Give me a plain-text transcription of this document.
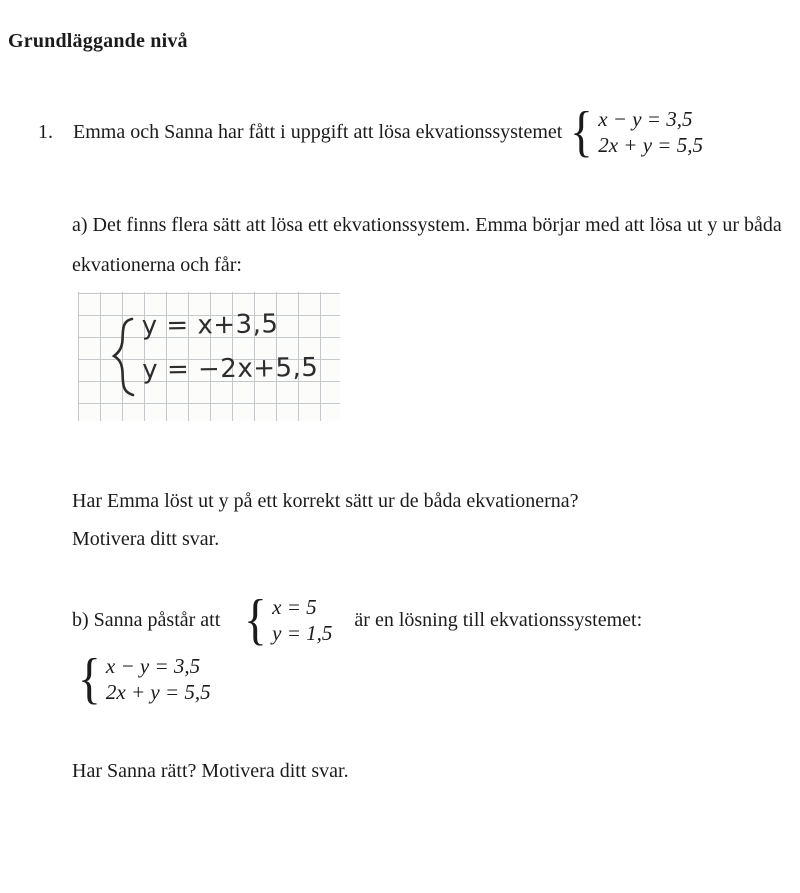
Grundläggande nivå
1. Emma och Sanna har fått i uppgift att lösa ekvationssystemet { x − y = 3,5
2x + y = 5,5
a) Det finns flera sätt att lösa ett ekvationssystem. Emma börjar med att lösa ut y ur båda
ekvationerna och får:
y = x+3,5
y = −2x+5,5
Har Emma löst ut y på ett korrekt sätt ur de båda ekvationerna?
Motivera ditt svar.
b) Sanna påstår att { x = 5
y = 1,5
är en lösning till ekvationssystemet:
{ x − y = 3,5
2x + y = 5,5
Har Sanna rätt? Motivera ditt svar.
